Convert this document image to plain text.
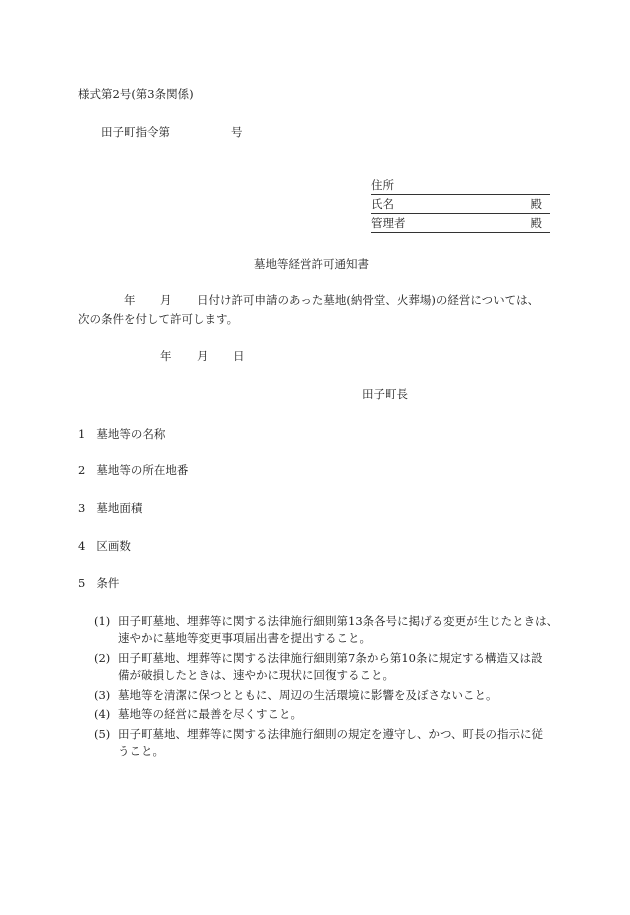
様式第2号(第3条関係)
田子町指令第	号
住所
氏名	殿
管理者	殿
墓地等経営許可通知書
年 月 日付け許可申請のあった墓地(納骨堂、火葬場)の経営については、
次の条件を付して許可します。
年 月 日
田子町長
1 墓地等の名称
2 墓地等の所在地番
3 墓地面積
4 区画数
5 条件
(1) 田子町墓地、埋葬等に関する法律施行細則第13条各号に掲げる変更が生じたときは、
速やかに墓地等変更事項届出書を提出すること。
(2) 田子町墓地、埋葬等に関する法律施行細則第7条から第10条に規定する構造又は設
備が破損したときは、速やかに現状に回復すること。
(3) 墓地等を清潔に保つとともに、周辺の生活環境に影響を及ぼさないこと。
(4) 墓地等の経営に最善を尽くすこと。
(5) 田子町墓地、埋葬等に関する法律施行細則の規定を遵守し、かつ、町長の指示に従
うこと。
